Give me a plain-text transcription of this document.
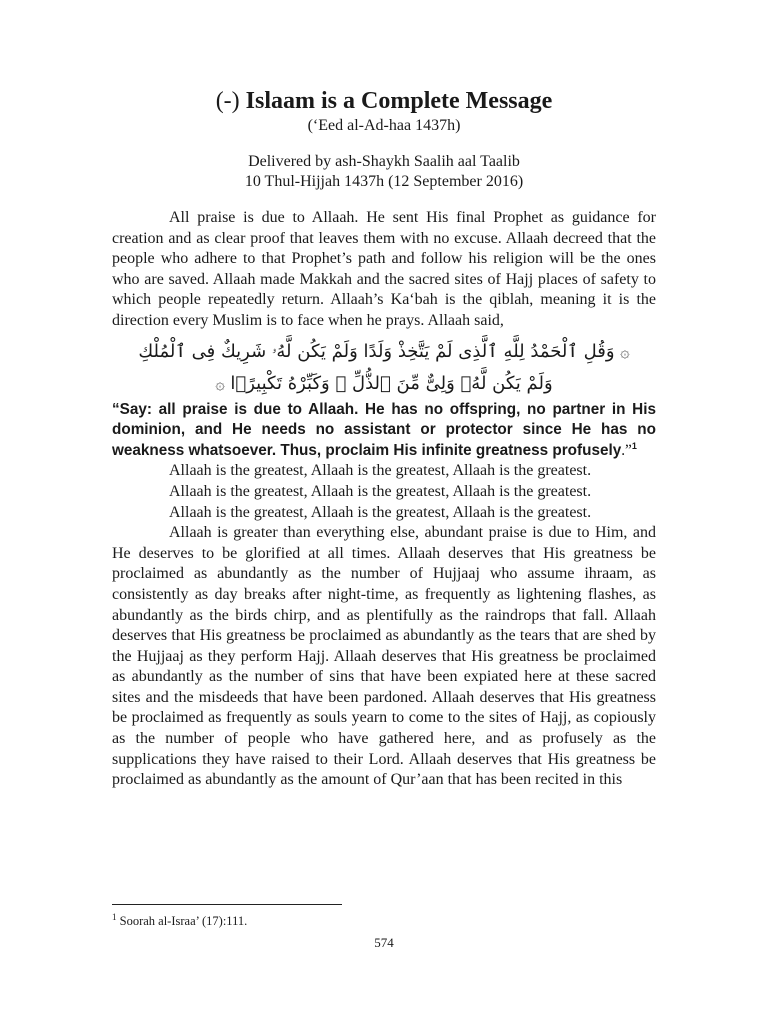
(-) Islaam is a Complete Message

(‘Eed al-Ad-haa 1437h)

Delivered by ash-Shaykh Saalih aal Taalib

10 Thul-Hijjah 1437h (12 September 2016)

All praise is due to Allaah. He sent His final Prophet as guidance for creation and as clear proof that leaves them with no excuse. Allaah decreed that the people who adhere to that Prophet’s path and follow his religion will be the ones who are saved. Allaah made Makkah and the sacred sites of Hajj places of safety to which people repeatedly return. Allaah’s Ka‘bah is the qiblah, meaning it is the direction every Muslim is to face when he prays. Allaah said,

۞ وَقُلِ ٱلْحَمْدُ لِلَّهِ ٱلَّذِى لَمْ يَتَّخِذْ وَلَدًا وَلَمْ يَكُن لَّهُۥ شَرِيكٌ فِى ٱلْمُلْكِ

وَلَمْ يَكُن لَّهُۥ وَلِىٌّ مِّنَ ٱلذُّلِّ ۖ وَكَبِّرْهُ تَكْبِيرًۢا ۞

“Say: all praise is due to Allaah. He has no offspring, no partner in His dominion, and He needs no assistant or protector since He has no weakness whatsoever. Thus, proclaim His infinite greatness profusely.”$^1$

Allaah is the greatest, Allaah is the greatest, Allaah is the greatest.

Allaah is the greatest, Allaah is the greatest, Allaah is the greatest.

Allaah is the greatest, Allaah is the greatest, Allaah is the greatest.

Allaah is greater than everything else, abundant praise is due to Him, and He deserves to be glorified at all times. Allaah deserves that His greatness be proclaimed as abundantly as the number of Hujjaaj who assume ihraam, as consistently as day breaks after night-time, as frequently as lightening flashes, as abundantly as the birds chirp, and as plentifully as the raindrops that fall. Allaah deserves that His greatness be proclaimed as abundantly as the tears that are shed by the Hujjaaj as they perform Hajj. Allaah deserves that His greatness be proclaimed as abundantly as the number of sins that have been expiated here at these sacred sites and the misdeeds that have been pardoned. Allaah deserves that His greatness be proclaimed as frequently as souls yearn to come to the sites of Hajj, as copiously as the number of people who have gathered here, and as profusely as the supplications they have raised to their Lord. Allaah deserves that His greatness be proclaimed as abundantly as the amount of Qur’aan that has been recited in this

$^1$ Soorah al-Israa’ (17):111.
574
